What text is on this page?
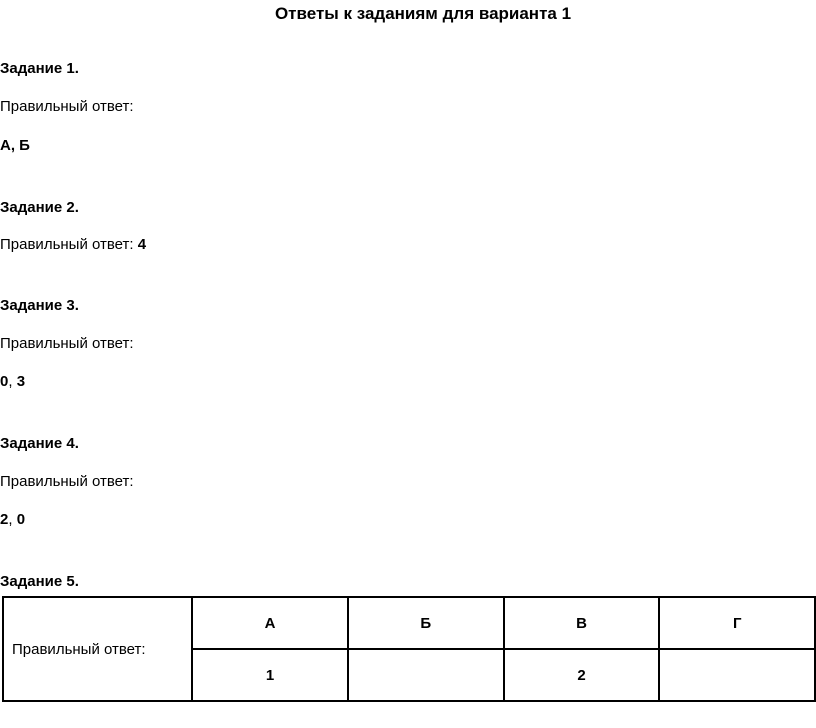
Ответы к заданиям для варианта 1
Задание 1.
Правильный ответ:
А, Б
Задание 2.
Правильный ответ: 4
Задание 3.
Правильный ответ:
0, 3
Задание 4.
Правильный ответ:
2, 0
Задание 5.
Правильный ответ:	А	Б	В	Г
	1		2	
